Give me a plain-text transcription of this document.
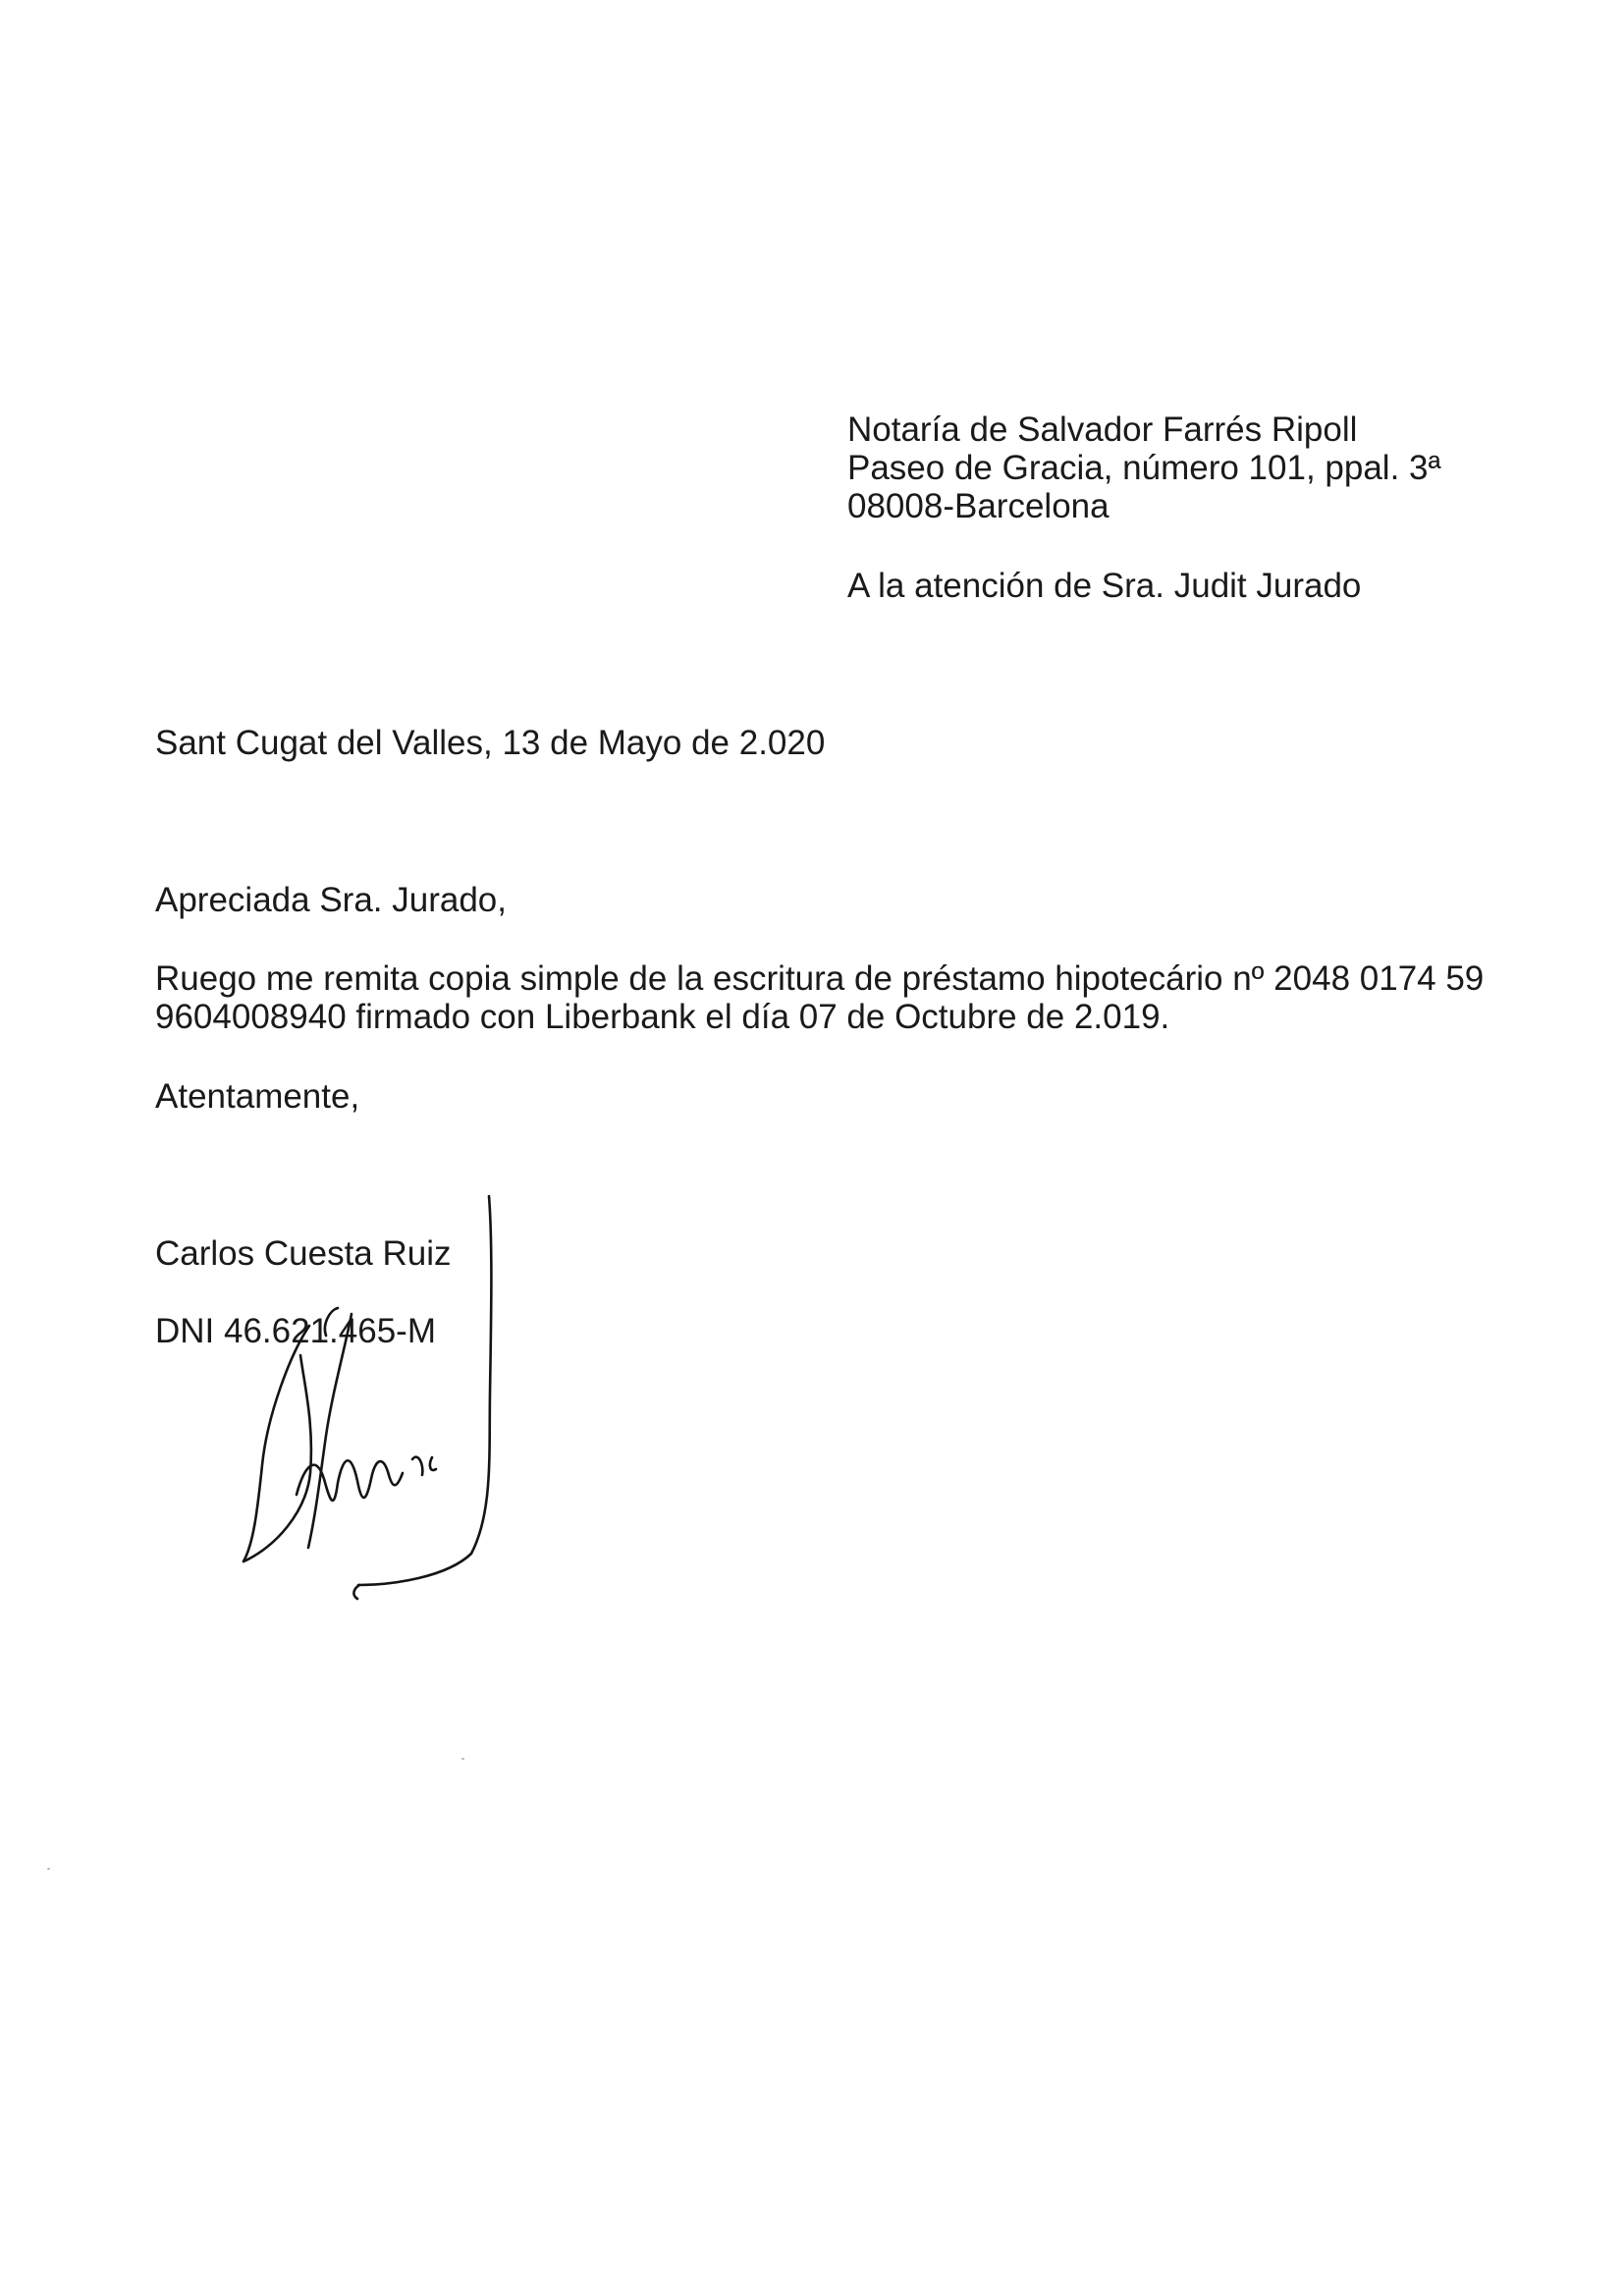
Notaría de Salvador Farrés Ripoll
Paseo de Gracia, número 101, ppal. 3ª
08008-Barcelona
A la atención de Sra. Judit Jurado
Sant Cugat del Valles, 13 de Mayo de 2.020
Apreciada Sra. Jurado,
Ruego me remita copia simple de la escritura de préstamo hipotecário nº 2048 0174 59
9604008940 firmado con Liberbank el día 07 de Octubre de 2.019.
Atentamente,
Carlos Cuesta Ruiz
DNI 46.621.465-M
